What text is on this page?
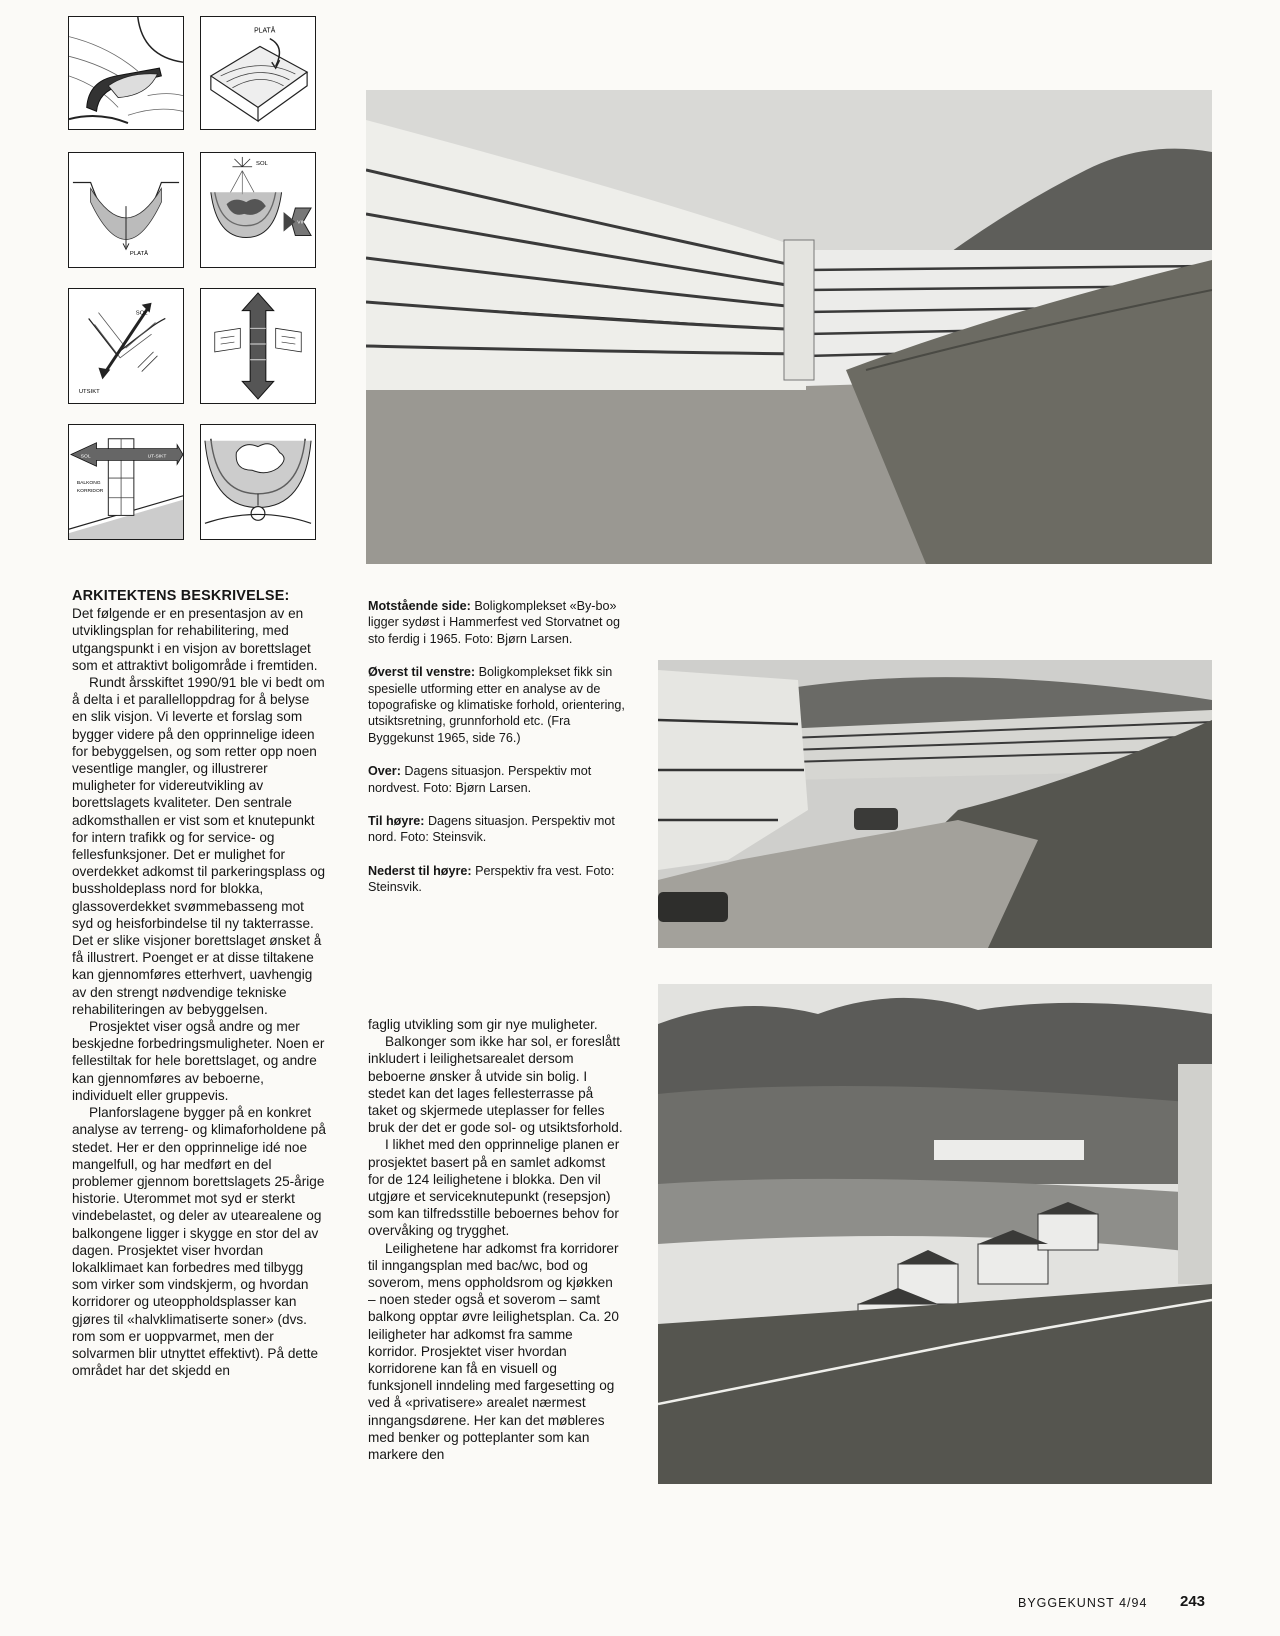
PLATÅ
PLATÅ
SOL
VIND
SOL
UTSIKT
SOL	UT-SIKT
BALKONG
KORRIDOR
ARKITEKTENS BESKRIVELSE:

Det følgende er en presentasjon av en utviklingsplan for rehabilitering, med utgangspunkt i en visjon av borettslaget som et attraktivt boligområde i fremtiden.

Rundt årsskiftet 1990/91 ble vi bedt om å delta i et parallelloppdrag for å belyse en slik visjon. Vi leverte et forslag som bygger videre på den opprinnelige ideen for bebyggelsen, og som retter opp noen vesentlige mangler, og illustrerer muligheter for videreutvikling av borettslagets kvaliteter. Den sentrale adkomsthallen er vist som et knutepunkt for intern trafikk og for service- og fellesfunksjoner. Det er mulighet for overdekket adkomst til parkeringsplass og bussholdeplass nord for blokka, glassoverdekket svømmebasseng mot syd og heisforbindelse til ny takterrasse. Det er slike visjoner borettslaget ønsket å få illustrert. Poenget er at disse tiltakene kan gjennomføres etterhvert, uavhengig av den strengt nødvendige tekniske rehabiliteringen av bebyggelsen.

Prosjektet viser også andre og mer beskjedne forbedringsmuligheter. Noen er fellestiltak for hele borettslaget, og andre kan gjennomføres av beboerne, individuelt eller gruppevis.

Planforslagene bygger på en konkret analyse av terreng- og klimaforholdene på stedet. Her er den opprinnelige idé noe mangelfull, og har medført en del problemer gjennom borettslagets 25-årige historie. Uterommet mot syd er sterkt vindebelastet, og deler av utearealene og balkongene ligger i skygge en stor del av dagen. Prosjektet viser hvordan lokalklimaet kan forbedres med tilbygg som virker som vindskjerm, og hvordan korridorer og uteoppholdsplasser kan gjøres til «halvklimatiserte soner» (dvs. rom som er uoppvarmet, men der solvarmen blir utnyttet effektivt). På dette området har det skjedd en

Motstående side: Boligkomplekset «By-bo» ligger sydøst i Hammerfest ved Storvatnet og sto ferdig i 1965. Foto: Bjørn Larsen.

Øverst til venstre: Boligkomplekset fikk sin spesielle utforming etter en analyse av de topografiske og klimatiske forhold, orientering, utsiktsretning, grunnforhold etc. (Fra Byggekunst 1965, side 76.)

Over: Dagens situasjon. Perspektiv mot nordvest. Foto: Bjørn Larsen.

Til høyre: Dagens situasjon. Perspektiv mot nord. Foto: Steinsvik.

Nederst til høyre: Perspektiv fra vest. Foto: Steinsvik.

faglig utvikling som gir nye muligheter.

Balkonger som ikke har sol, er foreslått inkludert i leilighetsarealet dersom beboerne ønsker å utvide sin bolig. I stedet kan det lages fellesterrasse på taket og skjermede uteplasser for felles bruk der det er gode sol- og utsiktsforhold.

I likhet med den opprinnelige planen er prosjektet basert på en samlet adkomst for de 124 leilighetene i blokka. Den vil utgjøre et serviceknutepunkt (resepsjon) som kan tilfredsstille beboernes behov for overvåking og trygghet.

Leilighetene har adkomst fra korridorer til inngangsplan med bac/wc, bod og soverom, mens oppholdsrom og kjøkken – noen steder også et soverom – samt balkong opptar øvre leilighetsplan. Ca. 20 leiligheter har adkomst fra samme korridor. Prosjektet viser hvordan korridorene kan få en visuell og funksjonell inndeling med fargesetting og ved å «privatisere» arealet nærmest inngangsdørene. Her kan det møbleres med benker og potteplanter som kan markere den

BYGGEKUNST 4/94 243
